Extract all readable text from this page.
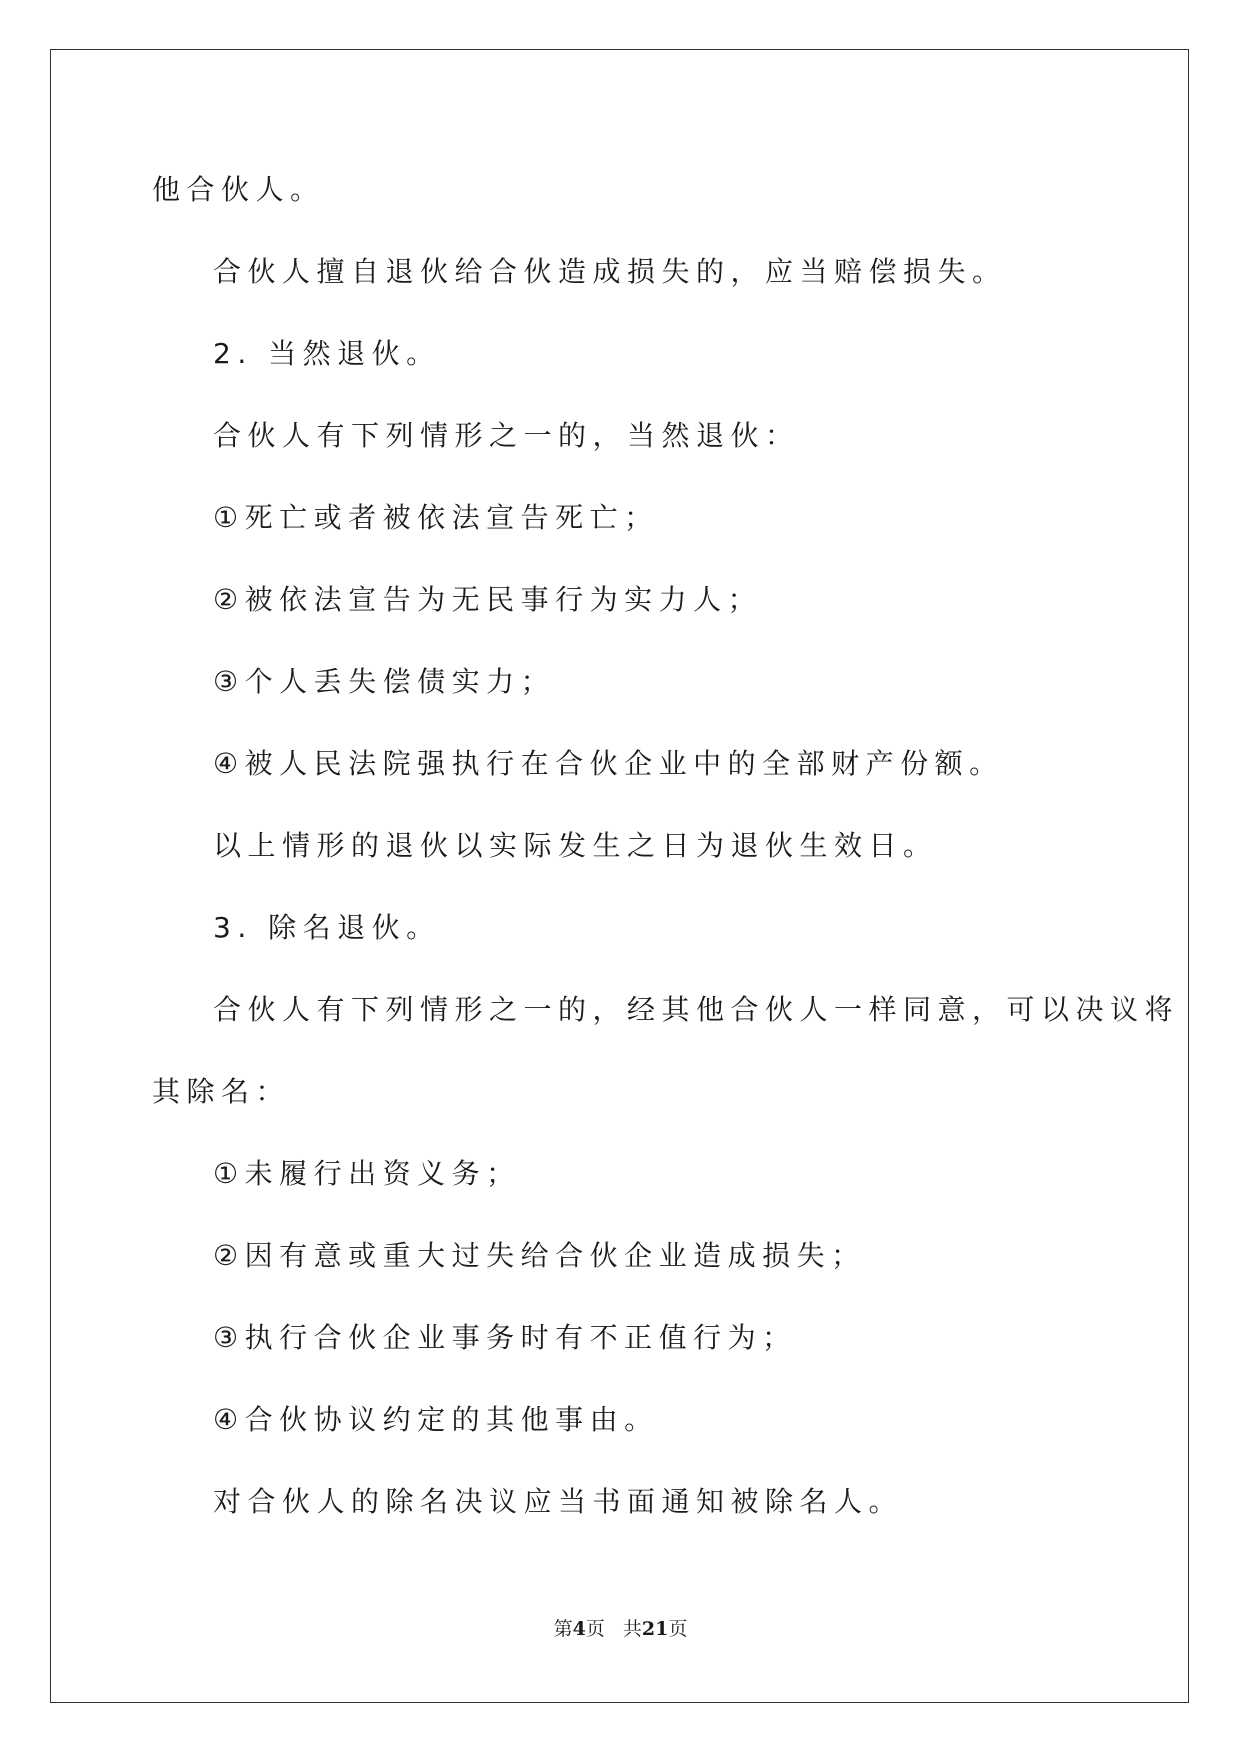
他合伙人。
合伙人擅自退伙给合伙造成损失的，应当赔偿损失。
2. 当然退伙。
合伙人有下列情形之一的，当然退伙：
①死亡或者被依法宣告死亡；
②被依法宣告为无民事行为实力人；
③个人丢失偿债实力；
④被人民法院强执行在合伙企业中的全部财产份额。
以上情形的退伙以实际发生之日为退伙生效日。
3. 除名退伙。
合伙人有下列情形之一的，经其他合伙人一样同意，可以决议将
其除名：
①未履行出资义务；
②因有意或重大过失给合伙企业造成损失；
③执行合伙企业事务时有不正值行为；
④合伙协议约定的其他事由。
对合伙人的除名决议应当书面通知被除名人。
第4页 共21页
